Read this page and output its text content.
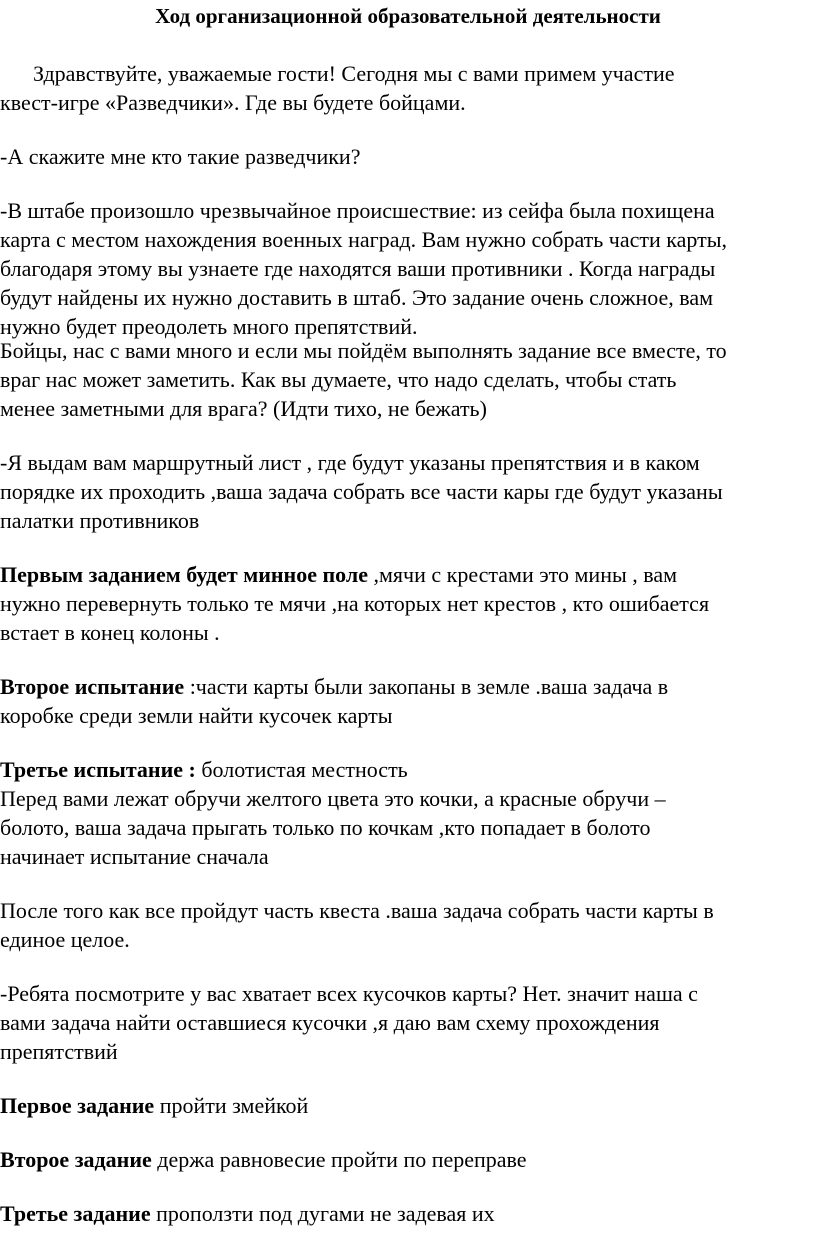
Ход организационной образовательной деятельности
Здравствуйте, уважаемые гости! Сегодня мы с вами примем участие
квест-игре «Разведчики». Где вы будете бойцами.
-А скажите мне кто такие разведчики?
-В штабе произошло чрезвычайное происшествие: из сейфа была похищена
карта с местом нахождения военных наград. Вам нужно собрать части карты,
благодаря этому вы узнаете где находятся ваши противники . Когда награды
будут найдены их нужно доставить в штаб. Это задание очень сложное, вам
нужно будет преодолеть много препятствий.
Бойцы, нас с вами много и если мы пойдём выполнять задание все вместе, то
враг нас может заметить. Как вы думаете, что надо сделать, чтобы стать
менее заметными для врага? (Идти тихо, не бежать)
-Я выдам вам маршрутный лист , где будут указаны препятствия и в каком
порядке их проходить ,ваша задача собрать все части кары где будут указаны
палатки противников
Первым заданием будет минное поле ,мячи с крестами это мины , вам
нужно перевернуть только те мячи ,на которых нет крестов , кто ошибается
встает в конец колоны .
Второе испытание :части карты были закопаны в земле .ваша задача в
коробке среди земли найти кусочек карты
Третье испытание : болотистая местность
Перед вами лежат обручи желтого цвета это кочки, а красные обручи –
болото, ваша задача прыгать только по кочкам ,кто попадает в болото
начинает испытание сначала
После того как все пройдут часть квеста .ваша задача собрать части карты в
единое целое.
-Ребята посмотрите у вас хватает всех кусочков карты? Нет. значит наша с
вами задача найти оставшиеся кусочки ,я даю вам схему прохождения
препятствий
Первое задание пройти змейкой
Второе задание держа равновесие пройти по переправе
Третье задание проползти под дугами не задевая их
